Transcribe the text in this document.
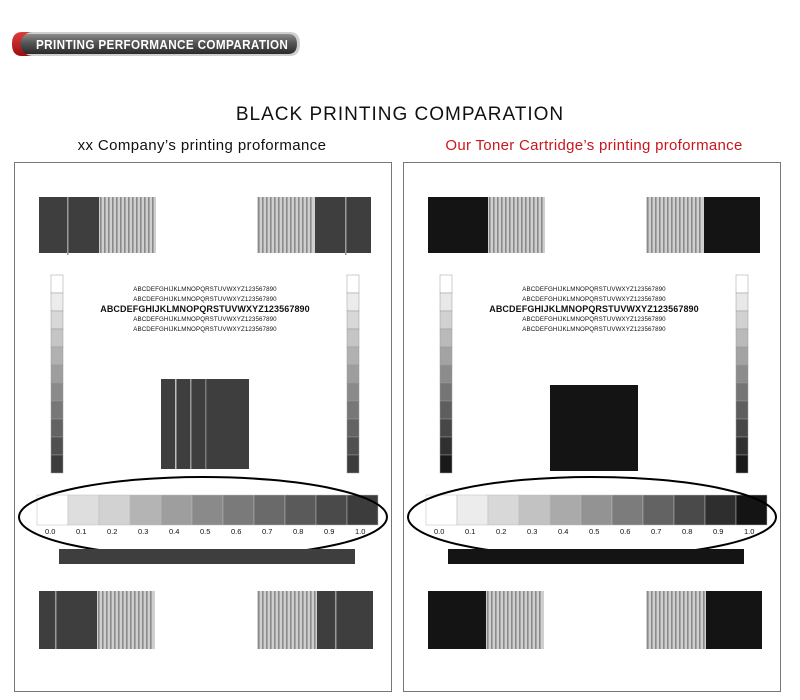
PRINTING PERFORMANCE COMPARATION
BLACK PRINTING COMPARATION
xx Company’s printing proformance	Our Toner Cartridge’s printing proformance
ABCDEFGHIJKLMNOPQRSTUVWXYZ123567890
ABCDEFGHIJKLMNOPQRSTUVWXYZ123567890
ABCDEFGHIJKLMNOPQRSTUVWXYZ123567890
ABCDEFGHIJKLMNOPQRSTUVWXYZ123567890
ABCDEFGHIJKLMNOPQRSTUVWXYZ123567890
0.0	0.1	0.2	0.3	0.4	0.5	0.6	0.7	0.8	0.9	1.0
ABCDEFGHIJKLMNOPQRSTUVWXYZ123567890
ABCDEFGHIJKLMNOPQRSTUVWXYZ123567890
ABCDEFGHIJKLMNOPQRSTUVWXYZ123567890
ABCDEFGHIJKLMNOPQRSTUVWXYZ123567890
ABCDEFGHIJKLMNOPQRSTUVWXYZ123567890
0.0	0.1	0.2	0.3	0.4	0.5	0.6	0.7	0.8	0.9	1.0
